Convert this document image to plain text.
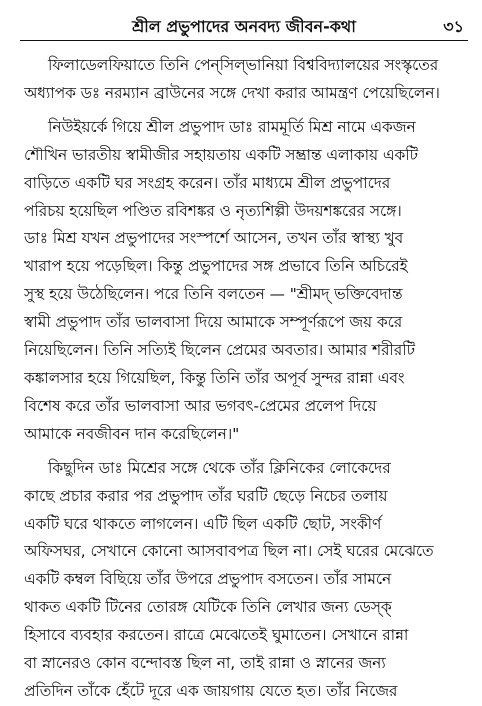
শ্রীল প্রভুপাদের অনবদ্য জীবন-কথা	৩১

ফিলাডেলফিয়াতে তিনি পেন্‌সিল্‌ভানিয়া বিশ্ববিদ্যালয়ের সংস্কৃতের
অধ্যাপক ডঃ নরম্যান ব্রাউনের সঙ্গে দেখা করার আমন্ত্রণ পেয়েছিলেন।

নিউইয়র্কে গিয়ে শ্রীল প্রভুপাদ ডাঃ রামমূর্তি মিশ্র নামে একজন
শৌখিন ভারতীয় স্বামীজীর সহায়তায় একটি সম্ভ্রান্ত এলাকায় একটি
বাড়িতে একটি ঘর সংগ্রহ করেন। তাঁর মাধ্যমে শ্রীল প্রভুপাদের
পরিচয় হয়েছিল পণ্ডিত রবিশঙ্কর ও নৃত্যশিল্পী উদয়শঙ্করের সঙ্গে।
ডাঃ মিশ্র যখন প্রভুপাদের সংস্পর্শে আসেন, তখন তাঁর স্বাস্থ্য খুব
খারাপ হয়ে পড়েছিল। কিন্তু প্রভুপাদের সঙ্গ প্রভাবে তিনি অচিরেই
সুস্থ হয়ে উঠেছিলেন। পরে তিনি বলতেন — "শ্রীমদ্ ভক্তিবেদান্ত
স্বামী প্রভুপাদ তাঁর ভালবাসা দিয়ে আমাকে সম্পূর্ণরূপে জয় করে
নিয়েছিলেন। তিনি সত্যিই ছিলেন প্রেমের অবতার। আমার শরীরটি
কঙ্কালসার হয়ে গিয়েছিল, কিন্তু তিনি তাঁর অপূর্ব সুন্দর রান্না এবং
বিশেষ করে তাঁর ভালবাসা আর ভগবৎ-প্রেমের প্রলেপ দিয়ে
আমাকে নবজীবন দান করেছিলেন।"

কিছুদিন ডাঃ মিশ্রের সঙ্গে থেকে তাঁর ক্লিনিকের লোকেদের
কাছে প্রচার করার পর প্রভুপাদ তাঁর ঘরটি ছেড়ে নিচের তলায়
একটি ঘরে থাকতে লাগলেন। এটি ছিল একটি ছোট, সংকীর্ণ
অফিসঘর, সেখানে কোনো আসবাবপত্র ছিল না। সেই ঘরের মেঝেতে
একটি কম্বল বিছিয়ে তাঁর উপরে প্রভুপাদ বসতেন। তাঁর সামনে
থাকত একটি টিনের তোরঙ্গ যেটিকে তিনি লেখার জন্য ডেস্ক্
হিসাবে ব্যবহার করতেন। রাত্রে মেঝেতেই ঘুমাতেন। সেখানে রান্না
বা স্নানেরও কোন বন্দোবস্ত ছিল না, তাই রান্না ও স্নানের জন্য
প্রতিদিন তাঁকে হেঁটে দূরে এক জায়গায় যেতে হত। তাঁর নিজের
